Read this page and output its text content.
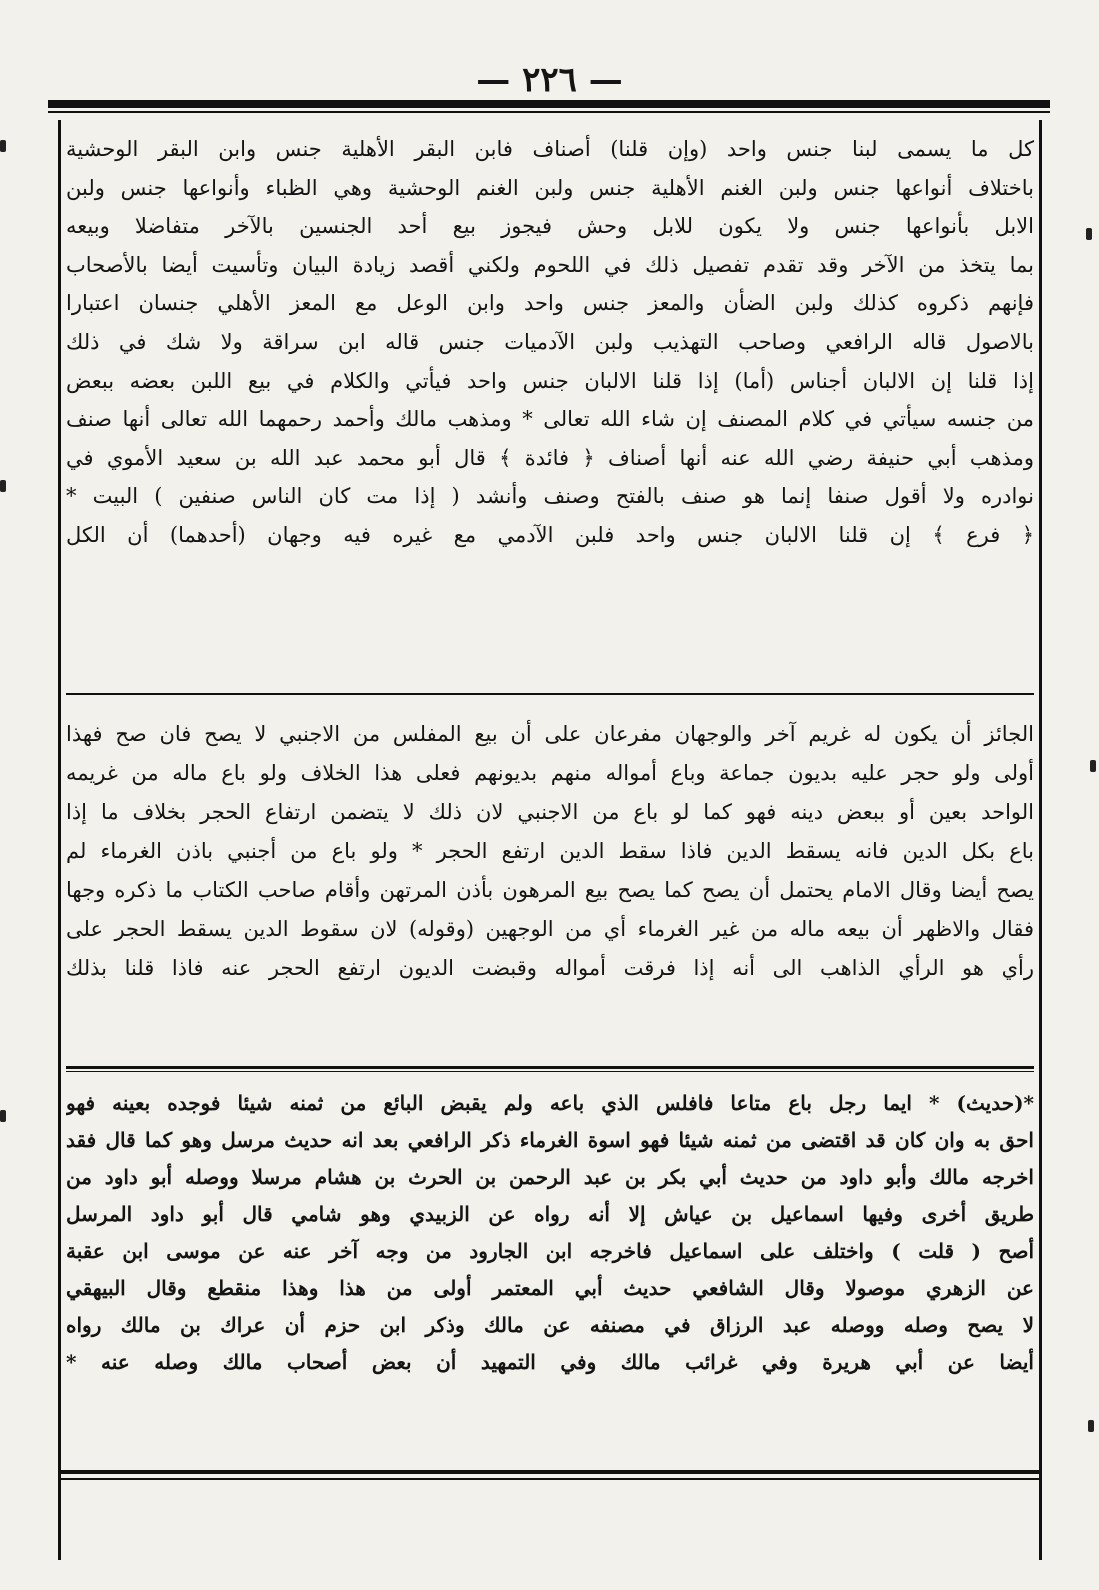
— ٢٢٦ —
كل ما يسمى لبنا جنس واحد (وإن قلنا) أصناف فابن البقر الأهلية جنس وابن البقر الوحشية
باختلاف أنواعها جنس ولبن الغنم الأهلية جنس ولبن الغنم الوحشية وهي الظباء وأنواعها جنس ولبن
الابل بأنواعها جنس ولا يكون للابل وحش فيجوز بيع أحد الجنسين بالآخر متفاضلا وبيعه
بما يتخذ من الآخر وقد تقدم تفصيل ذلك في اللحوم ولكني أقصد زيادة البيان وتأسيت أيضا بالأصحاب
فإنهم ذكروه كذلك ولبن الضأن والمعز جنس واحد وابن الوعل مع المعز الأهلي جنسان اعتبارا
بالاصول قاله الرافعي وصاحب التهذيب ولبن الآدميات جنس قاله ابن سراقة ولا شك في ذلك
إذا قلنا إن الالبان أجناس (أما) إذا قلنا الالبان جنس واحد فيأتي والكلام في بيع اللبن بعضه ببعض
من جنسه سيأتي في كلام المصنف إن شاء الله تعالى * ومذهب مالك وأحمد رحمهما الله تعالى أنها صنف
ومذهب أبي حنيفة رضي الله عنه أنها أصناف ﴿ فائدة ﴾ قال أبو محمد عبد الله بن سعيد الأموي في
نوادره ولا أقول صنفا إنما هو صنف بالفتح وصنف وأنشد ( إذا مت كان الناس صنفين ) البيت *
﴿ فرع ﴾ إن قلنا الالبان جنس واحد فلبن الآدمي مع غيره فيه وجهان (أحدهما) أن الكل
الجائز أن يكون له غريم آخر والوجهان مفرعان على أن بيع المفلس من الاجنبي لا يصح فان صح فهذا
أولى ولو حجر عليه بديون جماعة وباع أمواله منهم بديونهم فعلى هذا الخلاف ولو باع ماله من غريمه
الواحد بعين أو ببعض دينه فهو كما لو باع من الاجنبي لان ذلك لا يتضمن ارتفاع الحجر بخلاف ما إذا
باع بكل الدين فانه يسقط الدين فاذا سقط الدين ارتفع الحجر * ولو باع من أجنبي باذن الغرماء لم
يصح أيضا وقال الامام يحتمل أن يصح كما يصح بيع المرهون بأذن المرتهن وأقام صاحب الكتاب ما ذكره وجها
فقال والاظهر أن بيعه ماله من غير الغرماء أي من الوجهين (وقوله) لان سقوط الدين يسقط الحجر على
رأي هو الرأي الذاهب الى أنه إذا فرقت أمواله وقبضت الديون ارتفع الحجر عنه فاذا قلنا بذلك
*(حديث) * ايما رجل باع متاعا فافلس الذي باعه ولم يقبض البائع من ثمنه شيئا فوجده بعينه فهو
احق به وان كان قد اقتضى من ثمنه شيئا فهو اسوة الغرماء ذكر الرافعي بعد انه حديث مرسل وهو كما قال فقد
اخرجه مالك وأبو داود من حديث أبي بكر بن عبد الرحمن بن الحرث بن هشام مرسلا ووصله أبو داود من
طريق أخرى وفيها اسماعيل بن عياش إلا أنه رواه عن الزبيدي وهو شامي قال أبو داود المرسل
أصح ( قلت ) واختلف على اسماعيل فاخرجه ابن الجارود من وجه آخر عنه عن موسى ابن عقبة
عن الزهري موصولا وقال الشافعي حديث أبي المعتمر أولى من هذا وهذا منقطع وقال البيهقي
لا يصح وصله ووصله عبد الرزاق في مصنفه عن مالك وذكر ابن حزم أن عراك بن مالك رواه
أيضا عن أبي هريرة وفي غرائب مالك وفي التمهيد أن بعض أصحاب مالك وصله عنه *
